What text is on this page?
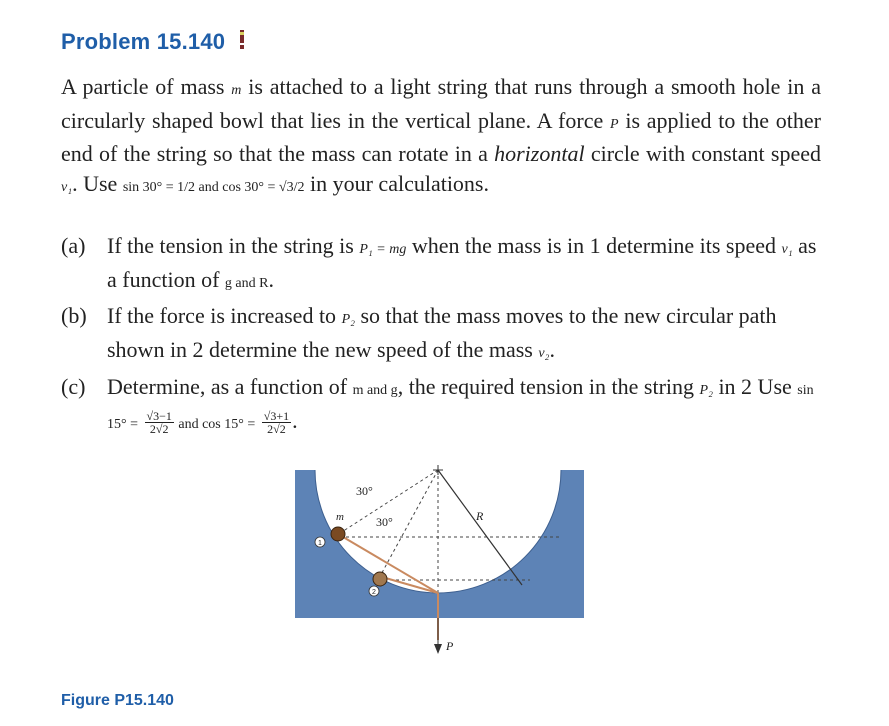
Problem 15.140
A particle of mass m is attached to a light string that runs through a smooth hole in a circularly shaped bowl that lies in the vertical plane. A force P is applied to the other end of the string so that the mass can rotate in a horizontal circle with constant speed v₁. Use sin 30° = 1/2 and cos 30° = √3/2 in your calculations.
(a) If the tension in the string is P₁ = mg when the mass is in 1 determine its speed v₁ as a function of g and R.
(b) If the force is increased to P₂ so that the mass moves to the new circular path shown in 2 determine the new speed of the mass v₂.
(c) Determine, as a function of m and g, the required tension in the string P₂ in 2 Use $\sin 15^\circ = \frac{√3-1}{2√2}$ and $\cos 15^\circ = \frac{√3+1}{2√2}$ .
1
2
30°
30°
m	R
P
Figure P15.140
